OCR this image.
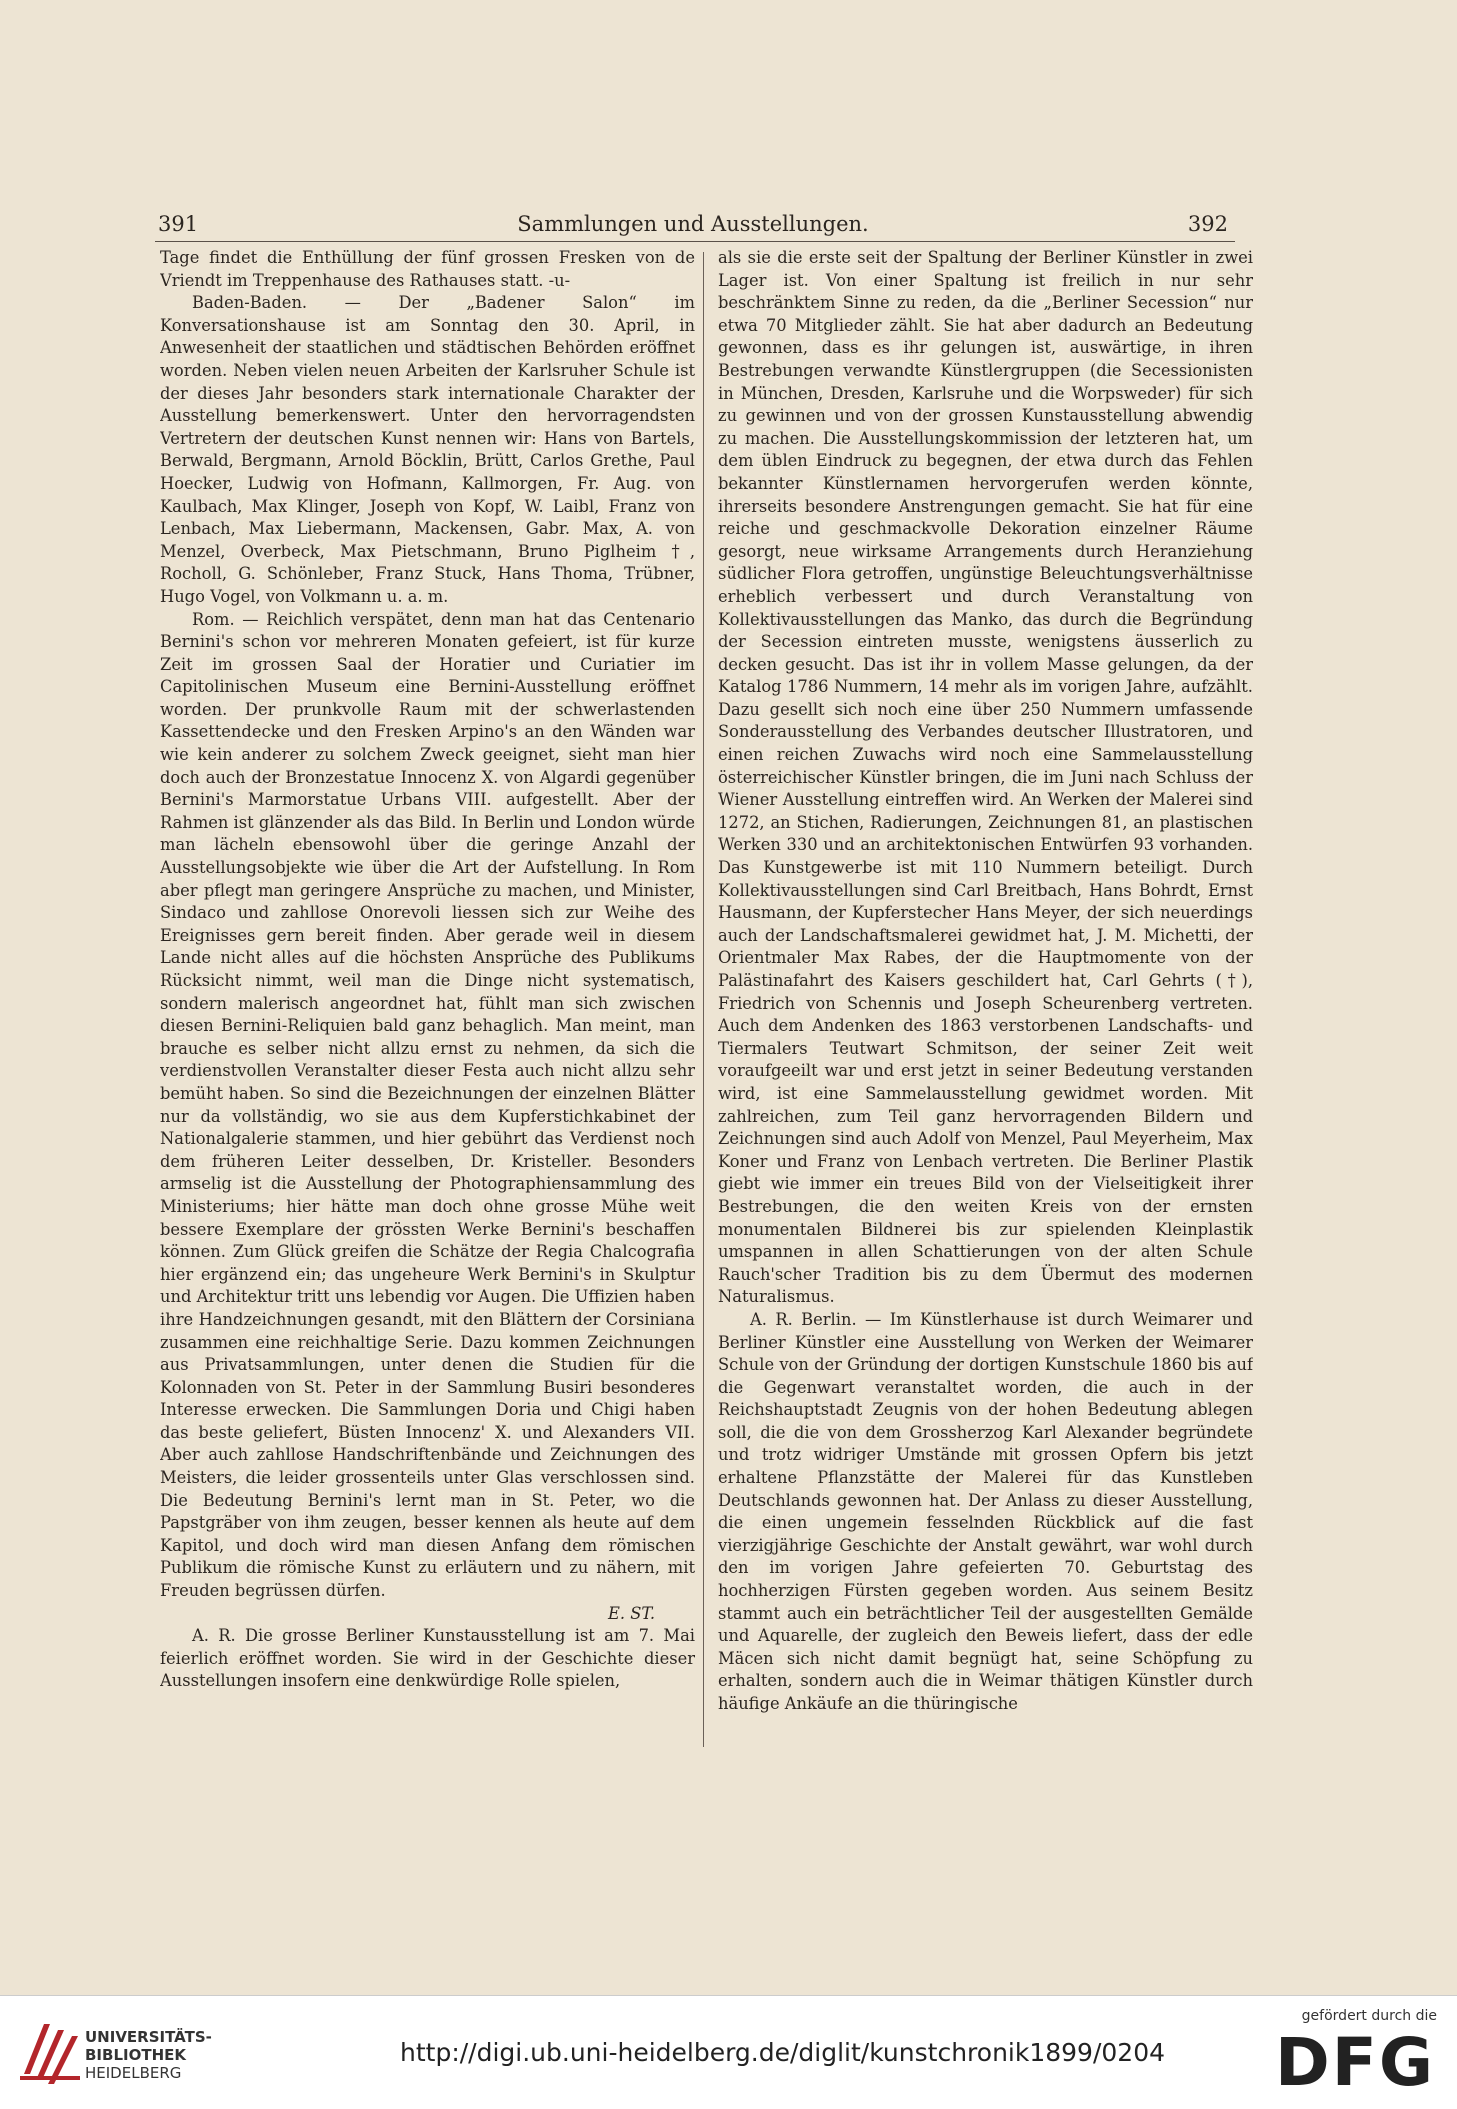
391	Sammlungen und Ausstellungen.	392

Tage findet die Enthüllung der fünf grossen Fresken von de Vriendt im Treppenhause des Rathauses statt. -u-

Baden-Baden. — Der „Badener Salon“ im Konversationshause ist am Sonntag den 30. April, in Anwesenheit der staatlichen und städtischen Behörden eröffnet worden. Neben vielen neuen Arbeiten der Karlsruher Schule ist der dieses Jahr besonders stark internationale Charakter der Ausstellung bemerkenswert. Unter den hervorragendsten Vertretern der deutschen Kunst nennen wir: Hans von Bartels, Berwald, Bergmann, Arnold Böcklin, Brütt, Carlos Grethe, Paul Hoecker, Ludwig von Hofmann, Kallmorgen, Fr. Aug. von Kaulbach, Max Klinger, Joseph von Kopf, W. Laibl, Franz von Lenbach, Max Liebermann, Mackensen, Gabr. Max, A. von Menzel, Overbeck, Max Pietschmann, Bruno Piglheim †, Rocholl, G. Schönleber, Franz Stuck, Hans Thoma, Trübner, Hugo Vogel, von Volkmann u. a. m.

Rom. — Reichlich verspätet, denn man hat das Centenario Bernini's schon vor mehreren Monaten gefeiert, ist für kurze Zeit im grossen Saal der Horatier und Curiatier im Capitolinischen Museum eine Bernini-Ausstellung eröffnet worden. Der prunkvolle Raum mit der schwerlastenden Kassettendecke und den Fresken Arpino's an den Wänden war wie kein anderer zu solchem Zweck geeignet, sieht man hier doch auch der Bronzestatue Innocenz X. von Algardi gegenüber Bernini's Marmorstatue Urbans VIII. aufgestellt. Aber der Rahmen ist glänzender als das Bild. In Berlin und London würde man lächeln ebensowohl über die geringe Anzahl der Ausstellungsobjekte wie über die Art der Aufstellung. In Rom aber pflegt man geringere Ansprüche zu machen, und Minister, Sindaco und zahllose Onorevoli liessen sich zur Weihe des Ereignisses gern bereit finden. Aber gerade weil in diesem Lande nicht alles auf die höchsten Ansprüche des Publikums Rücksicht nimmt, weil man die Dinge nicht systematisch, sondern malerisch angeordnet hat, fühlt man sich zwischen diesen Bernini-Reliquien bald ganz behaglich. Man meint, man brauche es selber nicht allzu ernst zu nehmen, da sich die verdienstvollen Veranstalter dieser Festa auch nicht allzu sehr bemüht haben. So sind die Bezeichnungen der einzelnen Blätter nur da vollständig, wo sie aus dem Kupferstichkabinet der Nationalgalerie stammen, und hier gebührt das Verdienst noch dem früheren Leiter desselben, Dr. Kristeller. Besonders armselig ist die Ausstellung der Photographiensammlung des Ministeriums; hier hätte man doch ohne grosse Mühe weit bessere Exemplare der grössten Werke Bernini's beschaffen können. Zum Glück greifen die Schätze der Regia Chalcografia hier ergänzend ein; das ungeheure Werk Bernini's in Skulptur und Architektur tritt uns lebendig vor Augen. Die Uffizien haben ihre Handzeichnungen gesandt, mit den Blättern der Corsiniana zusammen eine reichhaltige Serie. Dazu kommen Zeichnungen aus Privatsammlungen, unter denen die Studien für die Kolonnaden von St. Peter in der Sammlung Busiri besonderes Interesse erwecken. Die Sammlungen Doria und Chigi haben das beste geliefert, Büsten Innocenz' X. und Alexanders VII. Aber auch zahllose Handschriftenbände und Zeichnungen des Meisters, die leider grossenteils unter Glas verschlossen sind. Die Bedeutung Bernini's lernt man in St. Peter, wo die Papstgräber von ihm zeugen, besser kennen als heute auf dem Kapitol, und doch wird man diesen Anfang dem römischen Publikum die römische Kunst zu erläutern und zu nähern, mit Freuden begrüssen dürfen.

E. ST.

A. R. Die grosse Berliner Kunstausstellung ist am 7. Mai feierlich eröffnet worden. Sie wird in der Geschichte dieser Ausstellungen insofern eine denkwürdige Rolle spielen,

als sie die erste seit der Spaltung der Berliner Künstler in zwei Lager ist. Von einer Spaltung ist freilich in nur sehr beschränktem Sinne zu reden, da die „Berliner Secession“ nur etwa 70 Mitglieder zählt. Sie hat aber dadurch an Bedeutung gewonnen, dass es ihr gelungen ist, auswärtige, in ihren Bestrebungen verwandte Künstlergruppen (die Secessionisten in München, Dresden, Karlsruhe und die Worpsweder) für sich zu gewinnen und von der grossen Kunstausstellung abwendig zu machen. Die Ausstellungskommission der letzteren hat, um dem üblen Eindruck zu begegnen, der etwa durch das Fehlen bekannter Künstlernamen hervorgerufen werden könnte, ihrerseits besondere Anstrengungen gemacht. Sie hat für eine reiche und geschmackvolle Dekoration einzelner Räume gesorgt, neue wirksame Arrangements durch Heranziehung südlicher Flora getroffen, ungünstige Beleuchtungsverhältnisse erheblich verbessert und durch Veranstaltung von Kollektivausstellungen das Manko, das durch die Begründung der Secession eintreten musste, wenigstens äusserlich zu decken gesucht. Das ist ihr in vollem Masse gelungen, da der Katalog 1786 Nummern, 14 mehr als im vorigen Jahre, aufzählt. Dazu gesellt sich noch eine über 250 Nummern umfassende Sonderausstellung des Verbandes deutscher Illustratoren, und einen reichen Zuwachs wird noch eine Sammelausstellung österreichischer Künstler bringen, die im Juni nach Schluss der Wiener Ausstellung eintreffen wird. An Werken der Malerei sind 1272, an Stichen, Radierungen, Zeichnungen 81, an plastischen Werken 330 und an architektonischen Entwürfen 93 vorhanden. Das Kunstgewerbe ist mit 110 Nummern beteiligt. Durch Kollektivausstellungen sind Carl Breitbach, Hans Bohrdt, Ernst Hausmann, der Kupferstecher Hans Meyer, der sich neuerdings auch der Landschaftsmalerei gewidmet hat, J. M. Michetti, der Orientmaler Max Rabes, der die Hauptmomente von der Palästinafahrt des Kaisers geschildert hat, Carl Gehrts (†), Friedrich von Schennis und Joseph Scheurenberg vertreten. Auch dem Andenken des 1863 verstorbenen Landschafts- und Tiermalers Teutwart Schmitson, der seiner Zeit weit voraufgeeilt war und erst jetzt in seiner Bedeutung verstanden wird, ist eine Sammelausstellung gewidmet worden. Mit zahlreichen, zum Teil ganz hervorragenden Bildern und Zeichnungen sind auch Adolf von Menzel, Paul Meyerheim, Max Koner und Franz von Lenbach vertreten. Die Berliner Plastik giebt wie immer ein treues Bild von der Vielseitigkeit ihrer Bestrebungen, die den weiten Kreis von der ernsten monumentalen Bildnerei bis zur spielenden Kleinplastik umspannen in allen Schattierungen von der alten Schule Rauch'scher Tradition bis zu dem Übermut des modernen Naturalismus.

A. R. Berlin. — Im Künstlerhause ist durch Weimarer und Berliner Künstler eine Ausstellung von Werken der Weimarer Schule von der Gründung der dortigen Kunstschule 1860 bis auf die Gegenwart veranstaltet worden, die auch in der Reichshauptstadt Zeugnis von der hohen Bedeutung ablegen soll, die die von dem Grossherzog Karl Alexander begründete und trotz widriger Umstände mit grossen Opfern bis jetzt erhaltene Pflanzstätte der Malerei für das Kunstleben Deutschlands gewonnen hat. Der Anlass zu dieser Ausstellung, die einen ungemein fesselnden Rückblick auf die fast vierzigjährige Geschichte der Anstalt gewährt, war wohl durch den im vorigen Jahre gefeierten 70. Geburtstag des hochherzigen Fürsten gegeben worden. Aus seinem Besitz stammt auch ein beträchtlicher Teil der ausgestellten Gemälde und Aquarelle, der zugleich den Beweis liefert, dass der edle Mäcen sich nicht damit begnügt hat, seine Schöpfung zu erhalten, sondern auch die in Weimar thätigen Künstler durch häufige Ankäufe an die thüringische

UNIVERSITÄTS-
BIBLIOTHEK
HEIDELBERG
http://digi.ub.uni-heidelberg.de/diglit/kunstchronik1899/0204
gefördert durch die
DFG
